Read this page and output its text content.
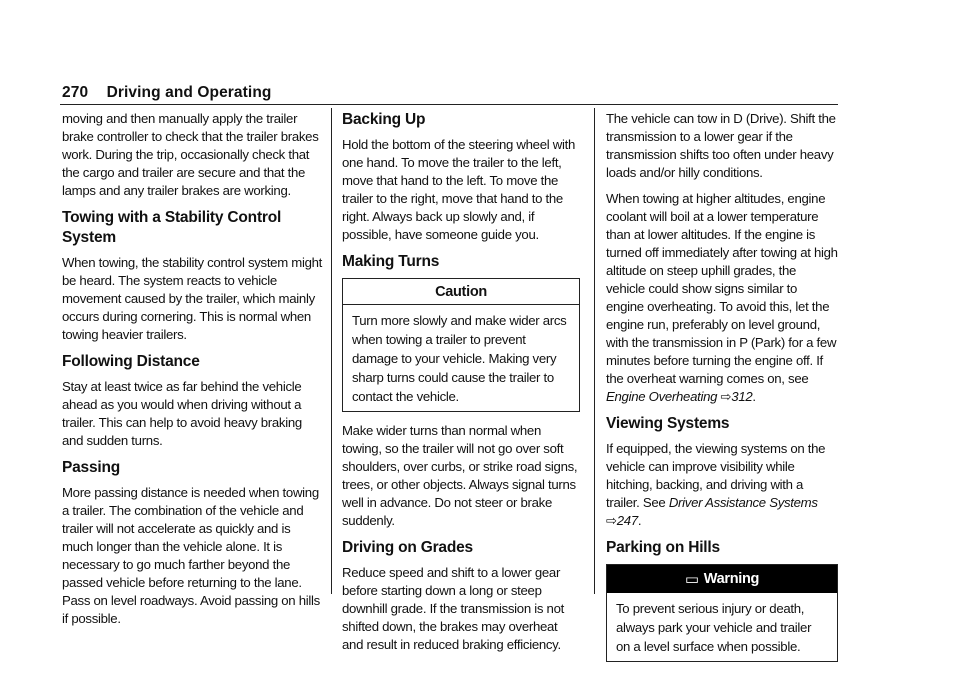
270 Driving and Operating

moving and then manually apply the trailer brake controller to check that the trailer brakes work. During the trip, occasionally check that the cargo and trailer are secure and that the lamps and any trailer brakes are working.

Towing with a Stability Control System

When towing, the stability control system might be heard. The system reacts to vehicle movement caused by the trailer, which mainly occurs during cornering. This is normal when towing heavier trailers.

Following Distance

Stay at least twice as far behind the vehicle ahead as you would when driving without a trailer. This can help to avoid heavy braking and sudden turns.

Passing

More passing distance is needed when towing a trailer. The combination of the vehicle and trailer will not accelerate as quickly and is much longer than the vehicle alone. It is necessary to go much farther beyond the passed vehicle before returning to the lane. Pass on level roadways. Avoid passing on hills if possible.

Backing Up

Hold the bottom of the steering wheel with one hand. To move the trailer to the left, move that hand to the left. To move the trailer to the right, move that hand to the right. Always back up slowly and, if possible, have someone guide you.

Making Turns
Caution
Turn more slowly and make wider arcs when towing a trailer to prevent damage to your vehicle. Making very sharp turns could cause the trailer to contact the vehicle.

Make wider turns than normal when towing, so the trailer will not go over soft shoulders, over curbs, or strike road signs, trees, or other objects. Always signal turns well in advance. Do not steer or brake suddenly.

Driving on Grades

Reduce speed and shift to a lower gear before starting down a long or steep downhill grade. If the transmission is not shifted down, the brakes may overheat and result in reduced braking efficiency.

The vehicle can tow in D (Drive). Shift the transmission to a lower gear if the transmission shifts too often under heavy loads and/or hilly conditions.

When towing at higher altitudes, engine coolant will boil at a lower temperature than at lower altitudes. If the engine is turned off immediately after towing at high altitude on steep uphill grades, the vehicle could show signs similar to engine overheating. To avoid this, let the engine run, preferably on level ground, with the transmission in P (Park) for a few minutes before turning the engine off. If the overheat warning comes on, see Engine Overheating ⇨312.

Viewing Systems

If equipped, the viewing systems on the vehicle can improve visibility while hitching, backing, and driving with a trailer. See Driver Assistance Systems ⇨247.

Parking on Hills
▭ Warning
To prevent serious injury or death, always park your vehicle and trailer on a level surface when possible.
